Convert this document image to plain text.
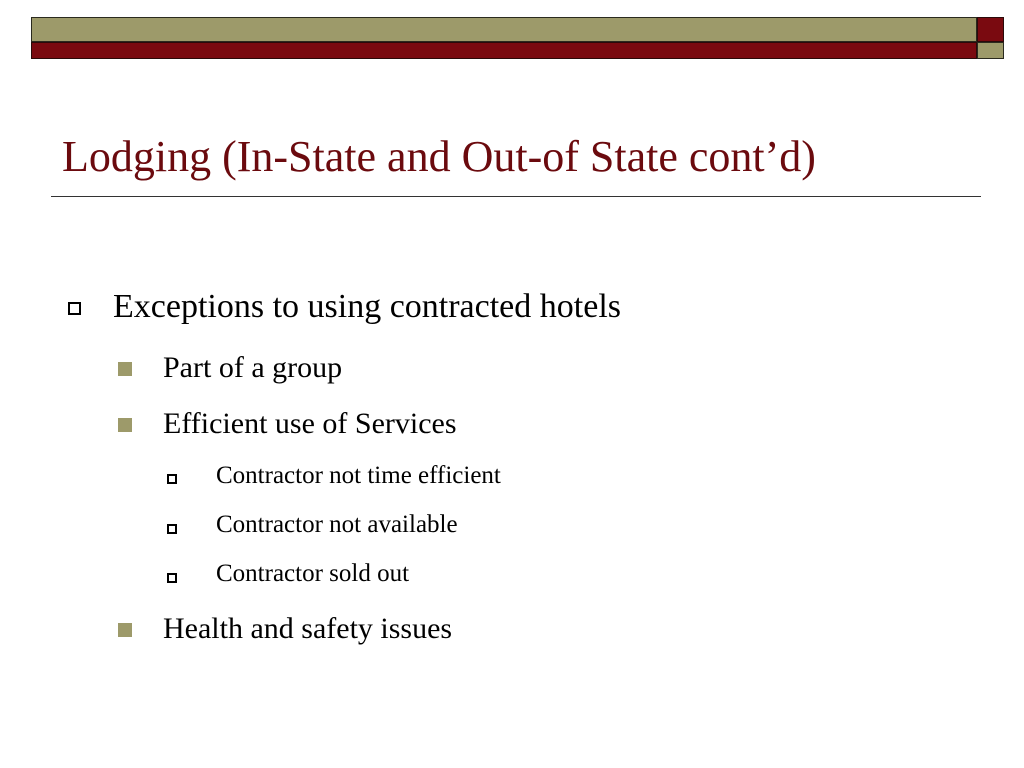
Lodging (In-State and Out-of State cont’d)
Exceptions to using contracted hotels
Part of a group
Efficient use of Services
Contractor not time efficient
Contractor not available
Contractor sold out
Health and safety issues
